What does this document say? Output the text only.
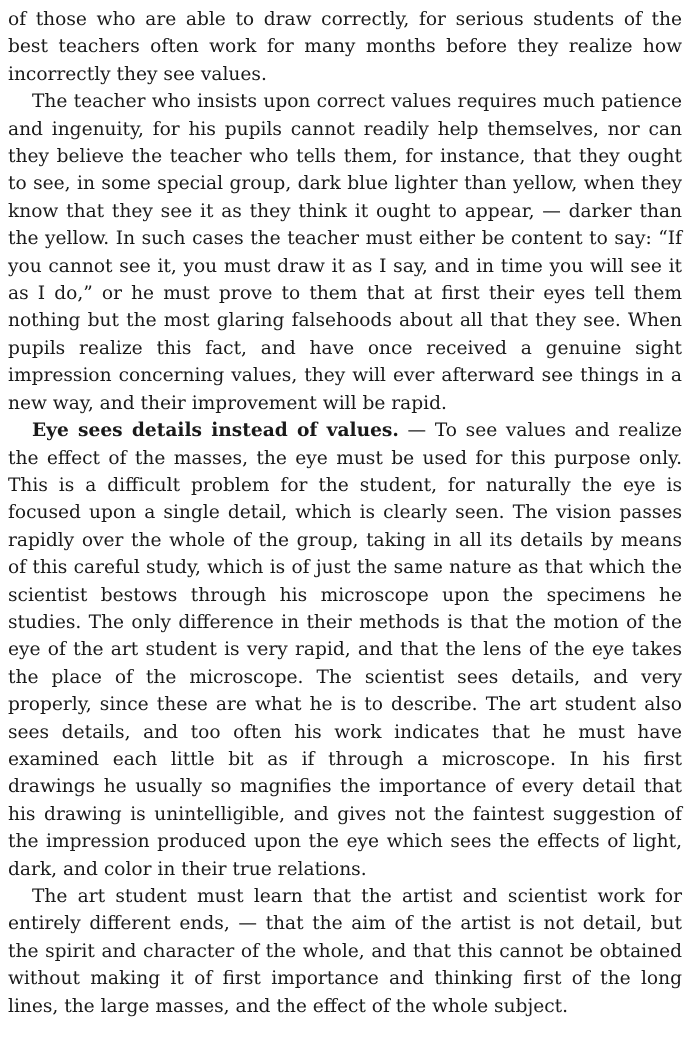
of those who are able to draw correctly, for serious students of the best teachers often work for many months before they realize how incorrectly they see values.

The teacher who insists upon correct values requires much patience and ingenuity, for his pupils cannot readily help themselves, nor can they believe the teacher who tells them, for instance, that they ought to see, in some special group, dark blue lighter than yellow, when they know that they see it as they think it ought to appear, — darker than the yellow. In such cases the teacher must either be content to say: “If you cannot see it, you must draw it as I say, and in time you will see it as I do,” or he must prove to them that at first their eyes tell them nothing but the most glaring falsehoods about all that they see. When pupils realize this fact, and have once received a genuine sight impression concerning values, they will ever afterward see things in a new way, and their improvement will be rapid.

Eye sees details instead of values. — To see values and realize the effect of the masses, the eye must be used for this purpose only. This is a difficult problem for the student, for naturally the eye is focused upon a single detail, which is clearly seen. The vision passes rapidly over the whole of the group, taking in all its details by means of this careful study, which is of just the same nature as that which the scientist bestows through his microscope upon the specimens he studies. The only difference in their methods is that the motion of the eye of the art student is very rapid, and that the lens of the eye takes the place of the microscope. The scientist sees details, and very properly, since these are what he is to describe. The art student also sees details, and too often his work indicates that he must have examined each little bit as if through a microscope. In his first drawings he usually so magnifies the importance of every detail that his drawing is unintelligible, and gives not the faintest suggestion of the impression produced upon the eye which sees the effects of light, dark, and color in their true relations.

The art student must learn that the artist and scientist work for entirely different ends, — that the aim of the artist is not detail, but the spirit and character of the whole, and that this cannot be obtained without making it of first importance and thinking first of the long lines, the large masses, and the effect of the whole subject.
